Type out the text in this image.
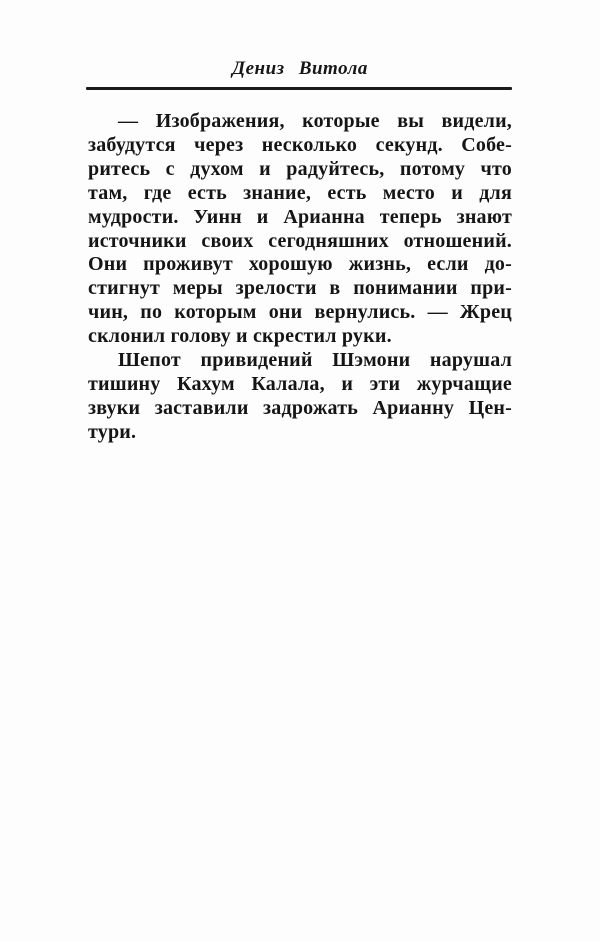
Дениз Витола
— Изображения, которые вы видели,
забудутся через несколько секунд. Собе-
ритесь с духом и радуйтесь, потому что
там, где есть знание, есть место и для
мудрости. Уинн и Арианна теперь знают
источники своих сегодняшних отношений.
Они проживут хорошую жизнь, если до-
стигнут меры зрелости в понимании при-
чин, по которым они вернулись. — Жрец
склонил голову и скрестил руки.
Шепот привидений Шэмони нарушал
тишину Кахум Калала, и эти журчащие
звуки заставили задрожать Арианну Цен-
тури.
